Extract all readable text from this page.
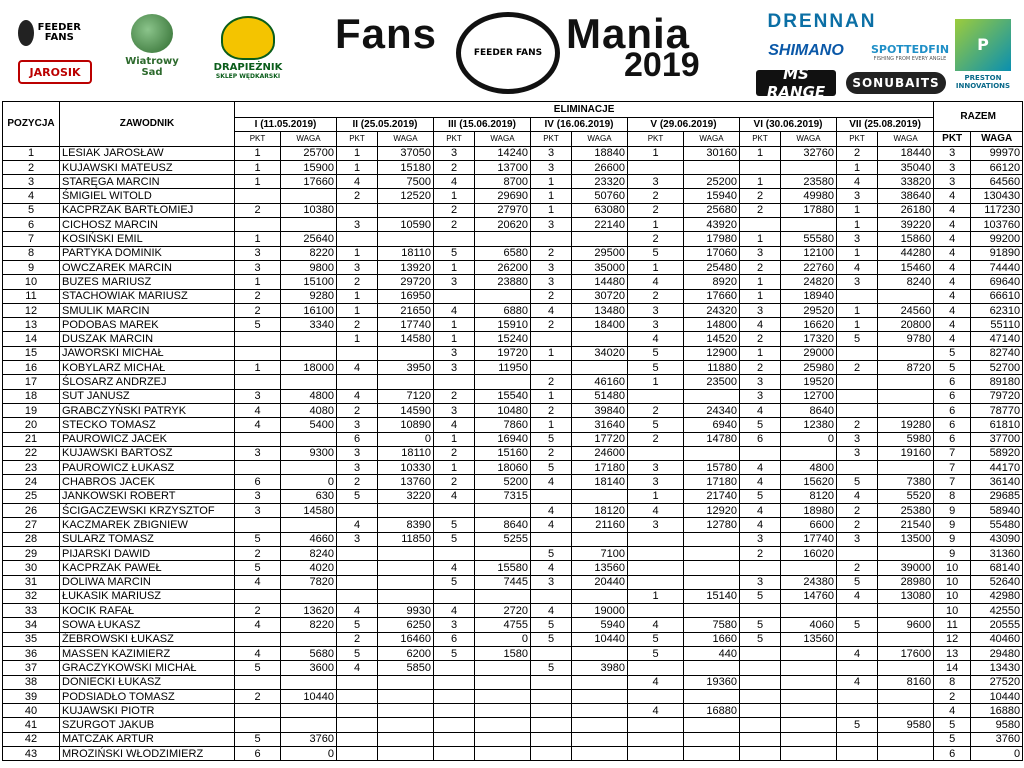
FEEDER FANS
JAROSIK
Wiatrowy Sad	DRAPIEŻNIK
SKLEP WĘDKARSKI
Fans	FEEDER FANS Mania
2019
DRENNAN
SHIMANO	SPOTTEDFIN
FISHING FROM EVERY ANGLE
MS RANGE	SONUBAITS
P
PRESTON
INNOVATIONS
POZYCJA	ZAWODNIK	ELIMINACJE														RAZEM	
		I (11.05.2019)		II (25.05.2019)		III (15.06.2019)		IV (16.06.2019)		V (29.06.2019)		VI (30.06.2019)		VII (25.08.2019)			
		PKT	WAGA	PKT	WAGA	PKT	WAGA	PKT	WAGA	PKT	WAGA	PKT	WAGA	PKT	WAGA	PKT	WAGA
1	LESIAK JAROSŁAW	1	25700	1	37050	3	14240	3	18840	1	30160	1	32760	2	18440	3	99970
2	KUJAWSKI MATEUSZ	1	15900	1	15180	2	13700	3	26600					1	35040	3	66120
3	STARĘGA MARCIN	1	17660	4	7500	4	8700	1	23320	3	25200	1	23580	4	33820	3	64560
4	ŚMIGIEL WITOLD			2	12520	1	29690	1	50760	2	15940	2	49980	3	38640	4	130430
5	KACPRZAK BARTŁOMIEJ	2	10380			2	27970	1	63080	2	25680	2	17880	1	26180	4	117230
6	CICHOSZ MARCIN			3	10590	2	20620	3	22140	1	43920			1	39220	4	103760
7	KOSIŃSKI EMIL	1	25640							2	17980	1	55580	3	15860	4	99200
8	PARTYKA DOMINIK	3	8220	1	18110	5	6580	2	29500	5	17060	3	12100	1	44280	4	91890
9	OWCZAREK MARCIN	3	9800	3	13920	1	26200	3	35000	1	25480	2	22760	4	15460	4	74440
10	BUZES MARIUSZ	1	15100	2	29720	3	23880	3	14480	4	8920	1	24820	3	8240	4	69640
11	STACHOWIAK MARIUSZ	2	9280	1	16950			2	30720	2	17660	1	18940			4	66610
12	SMULIK MARCIN	2	16100	1	21650	4	6880	4	13480	3	24320	3	29520	1	24560	4	62310
13	PODOBAS MAREK	5	3340	2	17740	1	15910	2	18400	3	14800	4	16620	1	20800	4	55110
14	DUSZAK MARCIN			1	14580	1	15240			4	14520	2	17320	5	9780	4	47140
15	JAWORSKI MICHAŁ					3	19720	1	34020	5	12900	1	29000			5	82740
16	KOBYLARZ MICHAŁ	1	18000	4	3950	3	11950			5	11880	2	25980	2	8720	5	52700
17	ŚLOSARZ ANDRZEJ							2	46160	1	23500	3	19520			6	89180
18	SUT JANUSZ	3	4800	4	7120	2	15540	1	51480			3	12700			6	79720
19	GRABCZYŃSKI PATRYK	4	4080	2	14590	3	10480	2	39840	2	24340	4	8640			6	78770
20	STECKO TOMASZ	4	5400	3	10890	4	7860	1	31640	5	6940	5	12380	2	19280	6	61810
21	PAUROWICZ JACEK			6	0	1	16940	5	17720	2	14780	6	0	3	5980	6	37700
22	KUJAWSKI BARTOSZ	3	9300	3	18110	2	15160	2	24600					3	19160	7	58920
23	PAUROWICZ ŁUKASZ			3	10330	1	18060	5	17180	3	15780	4	4800			7	44170
24	CHABROS JACEK	6	0	2	13760	2	5200	4	18140	3	17180	4	15620	5	7380	7	36140
25	JANKOWSKI ROBERT	3	630	5	3220	4	7315			1	21740	5	8120	4	5520	8	29685
26	ŚCIGACZEWSKI KRZYSZTOF	3	14580					4	18120	4	12920	4	18980	2	25380	9	58940
27	KACZMAREK ZBIGNIEW			4	8390	5	8640	4	21160	3	12780	4	6600	2	21540	9	55480
28	SULARZ TOMASZ	5	4660	3	11850	5	5255					3	17740	3	13500	9	43090
29	PIJARSKI DAWID	2	8240					5	7100			2	16020			9	31360
30	KACPRZAK PAWEŁ	5	4020			4	15580	4	13560					2	39000	10	68140
31	DOLIWA MARCIN	4	7820			5	7445	3	20440			3	24380	5	28980	10	52640
32	ŁUKASIK MARIUSZ									1	15140	5	14760	4	13080	10	42980
33	KOCIK RAFAŁ	2	13620	4	9930	4	2720	4	19000							10	42550
34	SOWA ŁUKASZ	4	8220	5	6250	3	4755	5	5940	4	7580	5	4060	5	9600	11	20555
35	ŻEBROWSKI ŁUKASZ			2	16460	6	0	5	10440	5	1660	5	13560			12	40460
36	MASSEN KAZIMIERZ	4	5680	5	6200	5	1580			5	440			4	17600	13	29480
37	GRACZYKOWSKI MICHAŁ	5	3600	4	5850			5	3980							14	13430
38	DONIECKI ŁUKASZ									4	19360			4	8160	8	27520
39	PODSIADŁO TOMASZ	2	10440													2	10440
40	KUJAWSKI PIOTR									4	16880					4	16880
41	SZURGOT JAKUB													5	9580	5	9580
42	MATCZAK ARTUR	5	3760													5	3760
43	MROZIŃSKI WŁODZIMIERZ	6	0													6	0
